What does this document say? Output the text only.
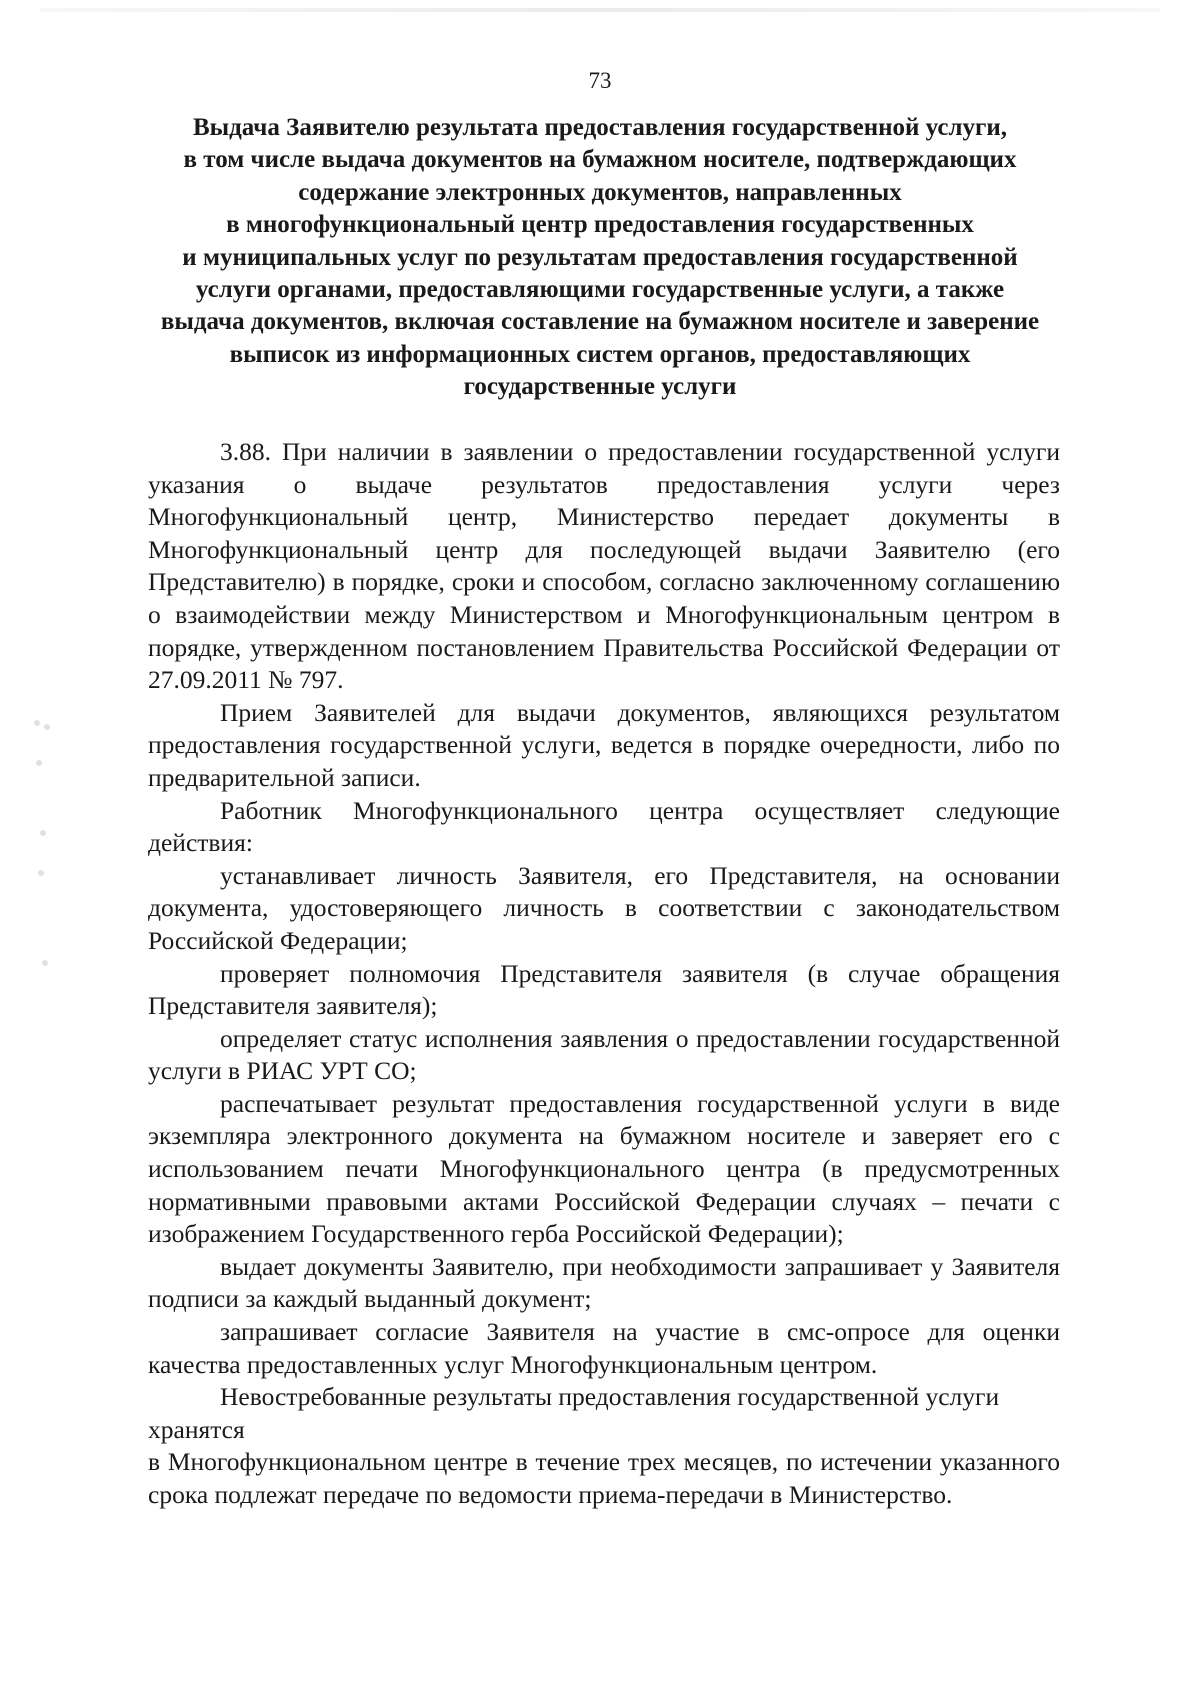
73
Выдача Заявителю результата предоставления государственной услуги,
в том числе выдача документов на бумажном носителе, подтверждающих
содержание электронных документов, направленных
в многофункциональный центр предоставления государственных
и муниципальных услуг по результатам предоставления государственной
услуги органами, предоставляющими государственные услуги, а также
выдача документов, включая составление на бумажном носителе и заверение
выписок из информационных систем органов, предоставляющих
государственные услуги

3.88. При наличии в заявлении о предоставлении государственной услуги указания о выдаче результатов предоставления услуги через Многофункциональный центр, Министерство передает документы в Многофункциональный центр для последующей выдачи Заявителю (его Представителю) в порядке, сроки и способом, согласно заключенному соглашению о взаимодействии между Министерством и Многофункциональным центром в порядке, утвержденном постановлением Правительства Российской Федерации от 27.09.2011 № 797.

Прием Заявителей для выдачи документов, являющихся результатом предоставления государственной услуги, ведется в порядке очередности, либо по предварительной записи.

Работник Многофункционального центра осуществляет следующие действия:

устанавливает личность Заявителя, его Представителя, на основании документа, удостоверяющего личность в соответствии с законодательством Российской Федерации;

проверяет полномочия Представителя заявителя (в случае обращения Представителя заявителя);

определяет статус исполнения заявления о предоставлении государственной услуги в РИАС УРТ СО;

распечатывает результат предоставления государственной услуги в виде экземпляра электронного документа на бумажном носителе и заверяет его с использованием печати Многофункционального центра (в предусмотренных нормативными правовыми актами Российской Федерации случаях – печати с изображением Государственного герба Российской Федерации);

выдает документы Заявителю, при необходимости запрашивает у Заявителя подписи за каждый выданный документ;

запрашивает согласие Заявителя на участие в смс-опросе для оценки качества предоставленных услуг Многофункциональным центром.

Невостребованные результаты предоставления государственной услуги хранятся

в Многофункциональном центре в течение трех месяцев, по истечении указанного срока подлежат передаче по ведомости приема-передачи в Министерство.
